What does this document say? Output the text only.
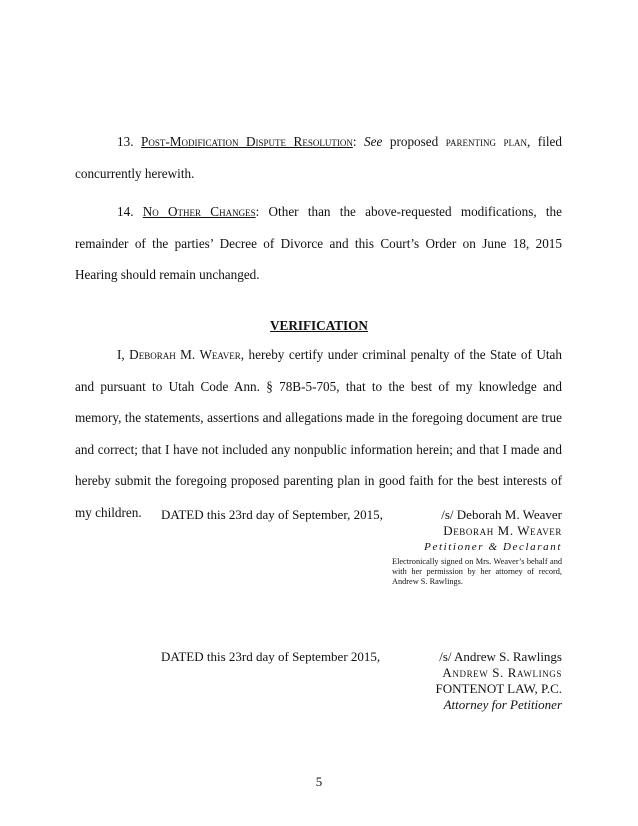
13. Post-Modification Dispute Resolution: See proposed parenting plan, filed concurrently herewith.
14. No Other Changes: Other than the above-requested modifications, the remainder of the parties’ Decree of Divorce and this Court’s Order on June 18, 2015 Hearing should remain unchanged.
VERIFICATION
I, Deborah M. Weaver, hereby certify under criminal penalty of the State of Utah and pursuant to Utah Code Ann. § 78B-5-705, that to the best of my knowledge and memory, the statements, assertions and allegations made in the foregoing document are true and correct; that I have not included any nonpublic information herein; and that I made and hereby submit the foregoing proposed parenting plan in good faith for the best interests of my children.	DATED this 23rd day of September, 2015,	/s/ Deborah M. Weaver
Deborah M. Weaver
Petitioner & Declarant
Electronically signed on Mrs. Weaver’s behalf and with her permission by her attorney of record, Andrew S. Rawlings.
DATED this 23rd day of September 2015,	/s/ Andrew S. Rawlings
Andrew S. Rawlings
FONTENOT LAW, P.C.
Attorney for Petitioner
5
